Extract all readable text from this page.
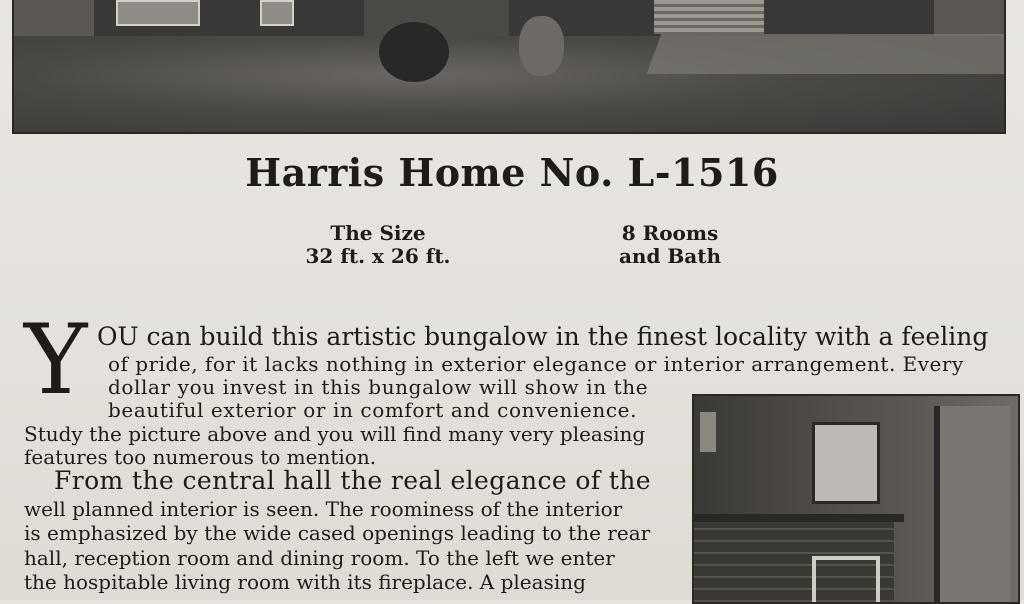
Harris Home No. L-1516
The Size
32 ft. x 26 ft.
8 Rooms
and Bath
Y OU can build this artistic bungalow in the finest locality with a feeling
of pride, for it lacks nothing in exterior elegance or interior arrangement. Every
dollar you invest in this bungalow will show in the
beautiful exterior or in comfort and convenience.
Study the picture above and you will find many very pleasing
features too numerous to mention.
From the central hall the real elegance of the
well planned interior is seen. The roominess of the interior
is emphasized by the wide cased openings leading to the rear
hall, reception room and dining room. To the left we enter
the hospitable living room with its fireplace. A pleasing
